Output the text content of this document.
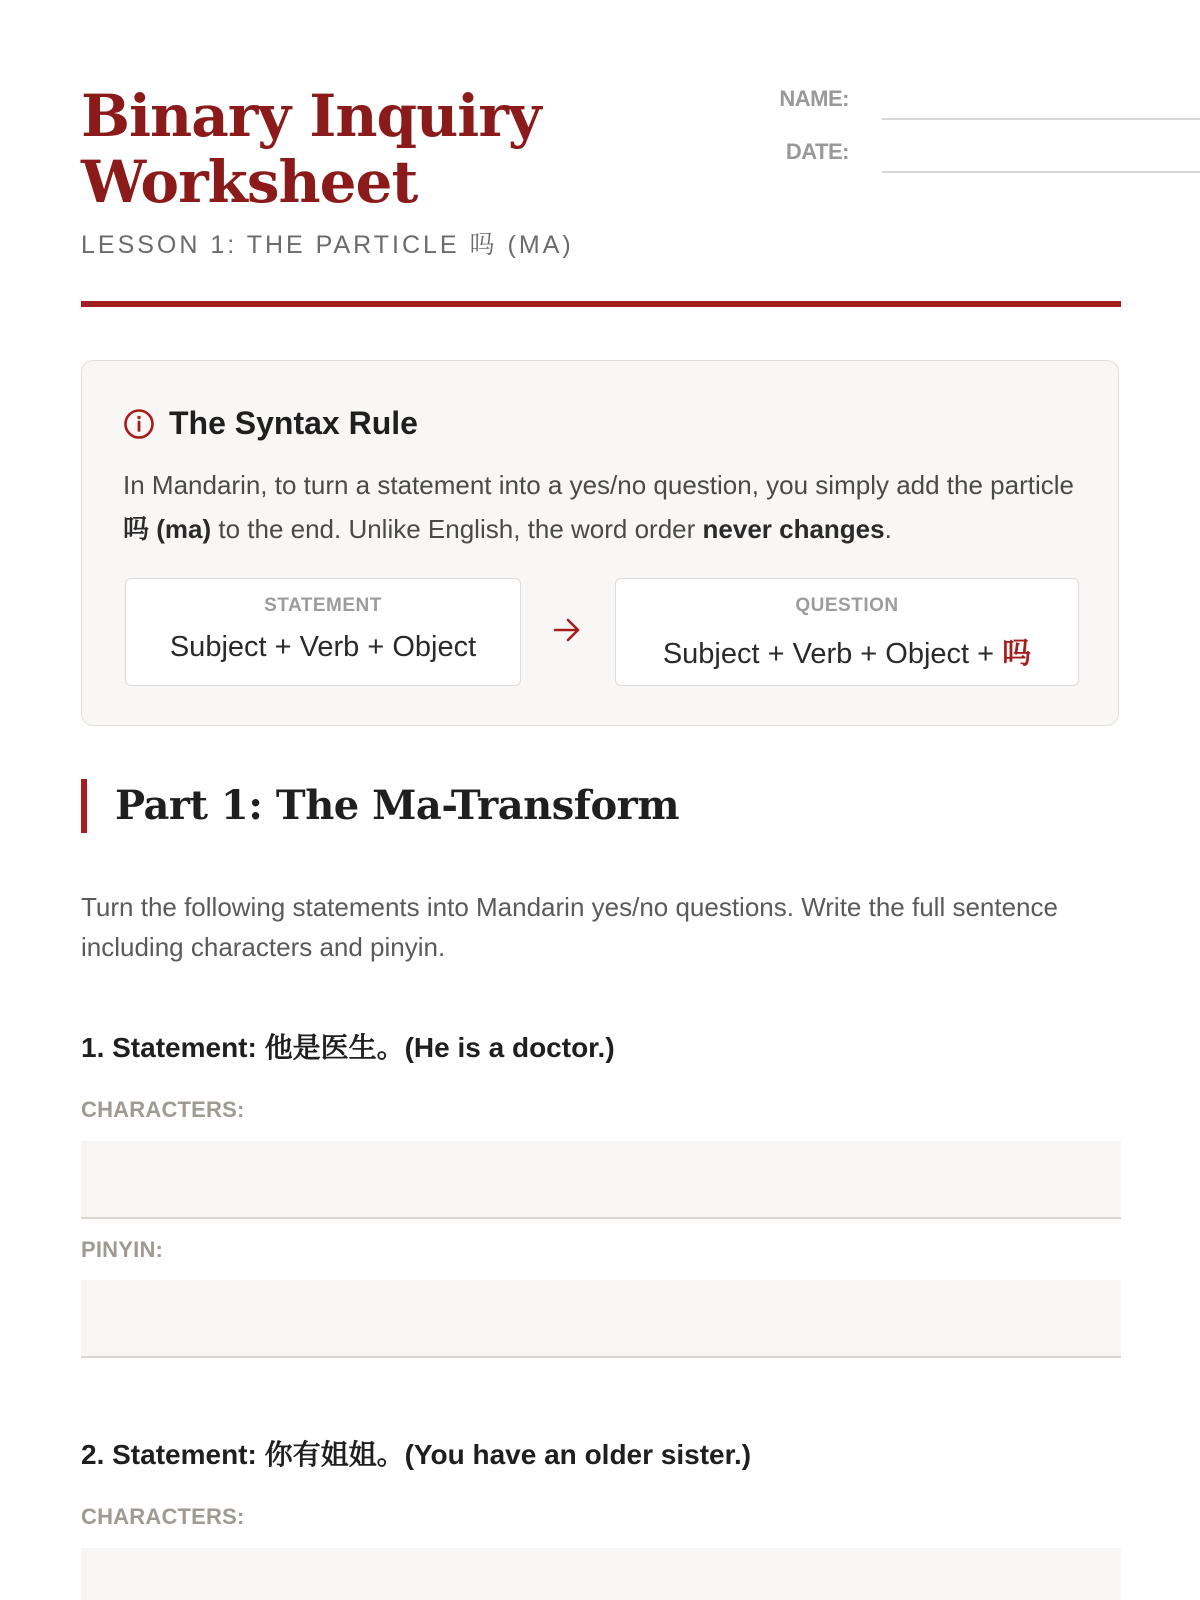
Binary Inquiry Worksheet
LESSON 1: THE PARTICLE 吗 (MA)
NAME:
DATE:
The Syntax Rule
In Mandarin, to turn a statement into a yes/no question, you simply add the particle 吗 (ma) to the end. Unlike English, the word order never changes.
STATEMENT
Subject + Verb + Object
QUESTION
Subject + Verb + Object + 吗
Part 1: The Ma-Transform
Turn the following statements into Mandarin yes/no questions. Write the full sentence including characters and pinyin.
1. Statement: 他是医生。(He is a doctor.)
CHARACTERS:
PINYIN:
2. Statement: 你有姐姐。(You have an older sister.)
CHARACTERS:
